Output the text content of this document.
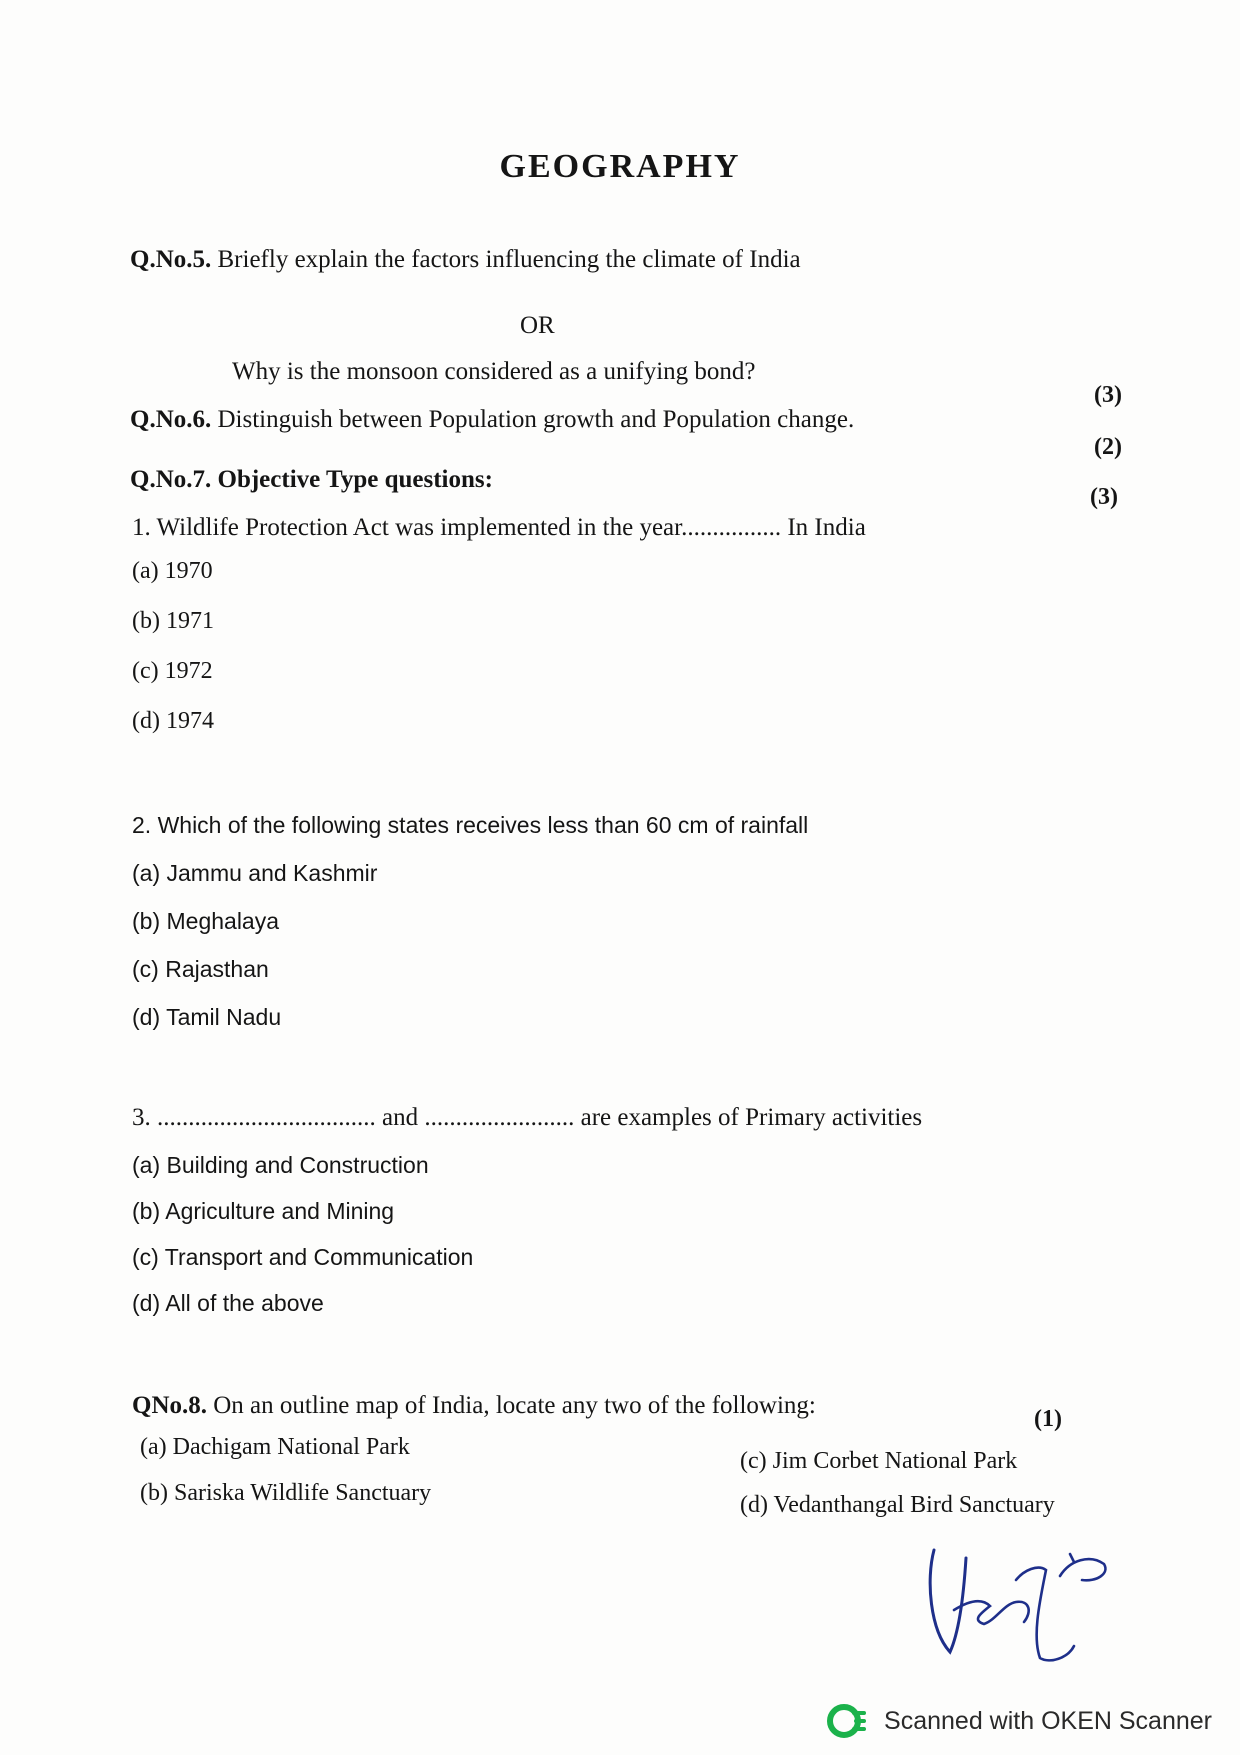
GEOGRAPHY
Q.No.5. Briefly explain the factors influencing the climate of India
OR
Why is the monsoon considered as a unifying bond?
(3)
Q.No.6. Distinguish between Population growth and Population change.
(2)
Q.No.7. Objective Type questions:
(3)
1. Wildlife Protection Act was implemented in the year................ In India
(a) 1970
(b) 1971
(c) 1972
(d) 1974
2. Which of the following states receives less than 60 cm of rainfall
(a) Jammu and Kashmir
(b) Meghalaya
(c) Rajasthan
(d) Tamil Nadu
3. ................................... and ........................ are examples of Primary activities
(a) Building and Construction
(b) Agriculture and Mining
(c) Transport and Communication
(d) All of the above
QNo.8. On an outline map of India, locate any two of the following:	(1)
(a) Dachigam National Park
(b) Sariska Wildlife Sanctuary
(c) Jim Corbet National Park
(d) Vedanthangal Bird Sanctuary
Scanned with OKEN Scanner
